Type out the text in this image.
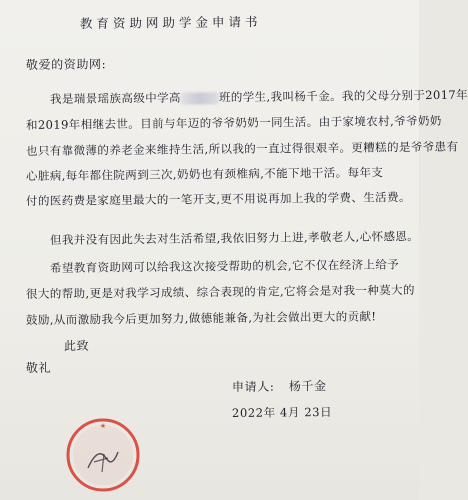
教育资助网助学金申请书
敬爱的资助网:
我是瑞景瑶族高级中学高	班的学生,我叫杨千金。我的父母分别于2017年
和2019年相继去世。目前与年迈的爷爷奶奶一同生活。由于家境农村,爷爷奶奶
也只有靠微薄的养老金来维持生活,所以我的一直过得很艰辛。更糟糕的是爷爷患有
心脏病,每年都住院两到三次,奶奶也有颈椎病,不能下地干活。每年支
付的医药费是家庭里最大的一笔开支,更不用说再加上我的学费、生活费。
但我并没有因此失去对生活希望,我依旧努力上进,孝敬老人,心怀感恩。
希望教育资助网可以给我这次接受帮助的机会,它不仅在经济上给予
很大的帮助,更是对我学习成绩、综合表现的肯定,它将会是对我一种莫大的
鼓励,从而激励我今后更加努力,做德能兼备,为社会做出更大的贡献!
此致
敬礼
申请人: 杨千金
2022年 4月 23日
★
